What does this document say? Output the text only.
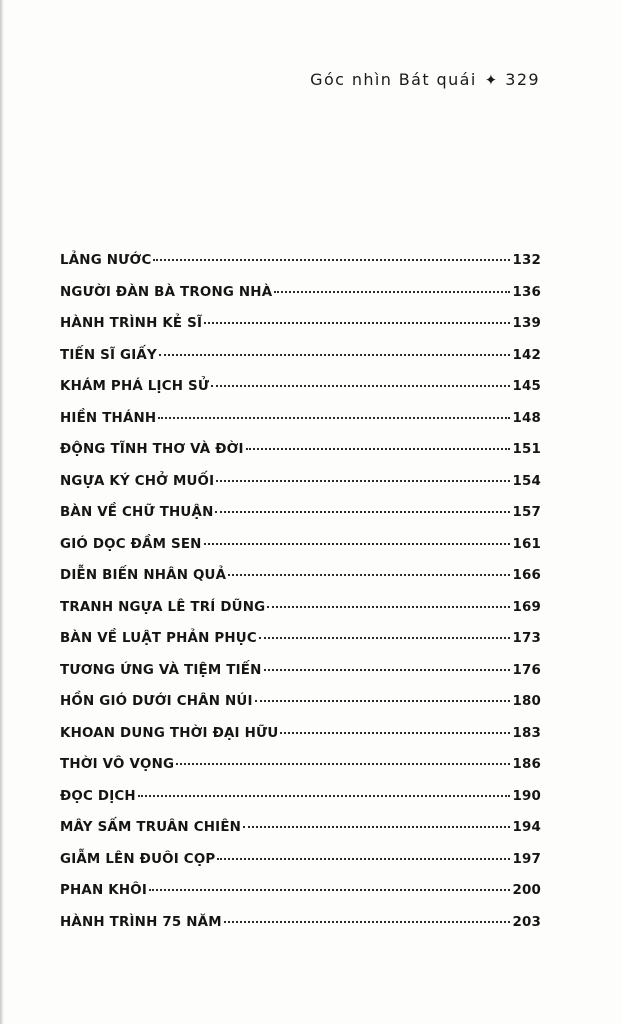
Góc nhìn Bát quái ✦ 329
LẢNG NƯỚC	132
NGƯỜI ĐÀN BÀ TRONG NHÀ	136
HÀNH TRÌNH KẺ SĨ	139
TIẾN SĨ GIẤY	142
KHÁM PHÁ LỊCH SỬ	145
HIỀN THÁNH	148
ĐỘNG TĨNH THƠ VÀ ĐỜI	151
NGỰA KÝ CHỞ MUỐI	154
BÀN VỀ CHỮ THUẬN	157
GIÓ DỌC ĐẦM SEN	161
DIỄN BIẾN NHÂN QUẢ	166
TRANH NGỰA LÊ TRÍ DŨNG	169
BÀN VỀ LUẬT PHẢN PHỤC	173
TƯƠNG ỨNG VÀ TIỆM TIẾN	176
HỒN GIÓ DƯỚI CHÂN NÚI	180
KHOAN DUNG THỜI ĐẠI HỮU	183
THỜI VÔ VỌNG	186
ĐỌC DỊCH	190
MÂY SẤM TRUÂN CHIÊN	194
GIẪM LÊN ĐUÔI CỌP	197
PHAN KHÔI	200
HÀNH TRÌNH 75 NĂM	203
